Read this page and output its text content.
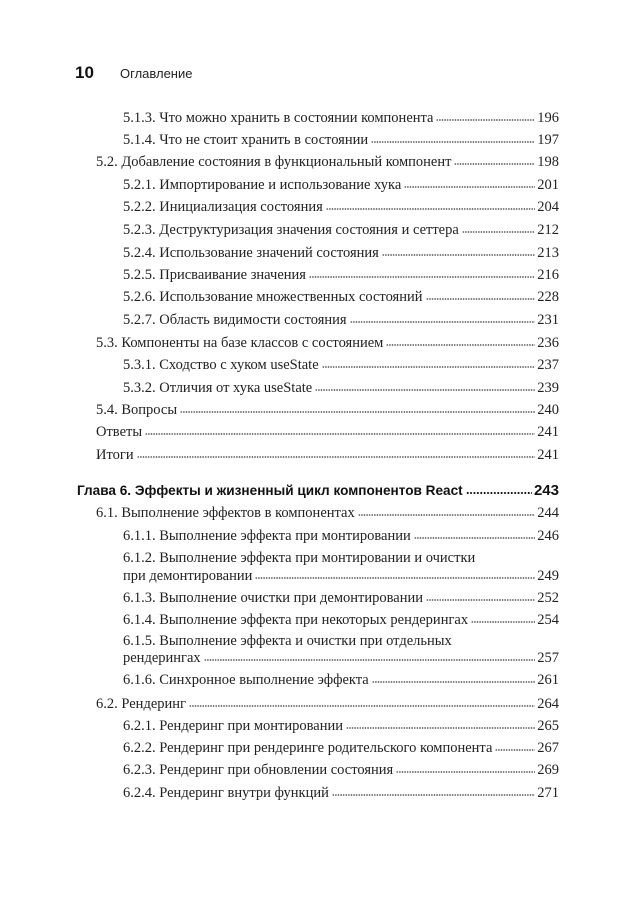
10	Оглавление
5.1.3. Что можно хранить в состоянии компонента	196
5.1.4. Что не стоит хранить в состоянии	197
5.2. Добавление состояния в функциональный компонент	198
5.2.1. Импортирование и использование хука	201
5.2.2. Инициализация состояния	204
5.2.3. Деструктуризация значения состояния и сеттера	212
5.2.4. Использование значений состояния	213
5.2.5. Присваивание значения	216
5.2.6. Использование множественных состояний	228
5.2.7. Область видимости состояния	231
5.3. Компоненты на базе классов с состоянием	236
5.3.1. Сходство с хуком useState	237
5.3.2. Отличия от хука useState	239
5.4. Вопросы	240
Ответы	241
Итоги	241
Глава 6. Эффекты и жизненный цикл компонентов React	243
6.1. Выполнение эффектов в компонентах	244
6.1.1. Выполнение эффекта при монтировании	246
6.1.2. Выполнение эффекта при монтировании и очистки
при демонтировании	249
6.1.3. Выполнение очистки при демонтировании	252
6.1.4. Выполнение эффекта при некоторых рендерингах	254
6.1.5. Выполнение эффекта и очистки при отдельных
рендерингах	257
6.1.6. Синхронное выполнение эффекта	261
6.2. Рендеринг	264
6.2.1. Рендеринг при монтировании	265
6.2.2. Рендеринг при рендеринге родительского компонента	267
6.2.3. Рендеринг при обновлении состояния	269
6.2.4. Рендеринг внутри функций	271
